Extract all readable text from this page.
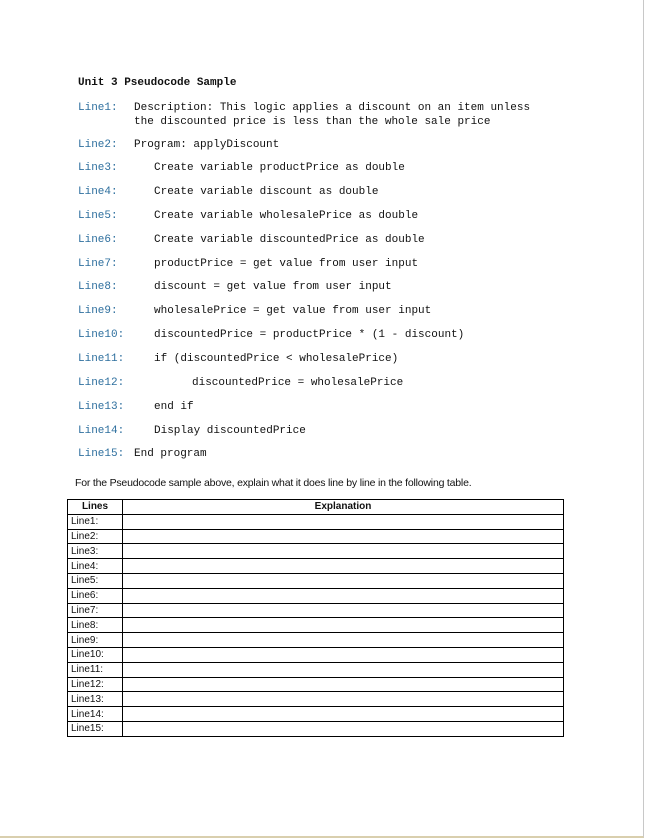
Unit 3 Pseudocode Sample
Line1: Description: This logic applies a discount on an item unless
the discounted price is less than the whole sale price
Line2: Program: applyDiscount
Line3:	Create variable productPrice as double
Line4:	Create variable discount as double
Line5:	Create variable wholesalePrice as double
Line6:	Create variable discountedPrice as double
Line7:	productPrice = get value from user input
Line8:	discount = get value from user input
Line9:	wholesalePrice = get value from user input
Line10:	discountedPrice = productPrice * (1 - discount)
Line11:	if (discountedPrice < wholesalePrice)
Line12:	discountedPrice = wholesalePrice
Line13:	end if
Line14:	Display discountedPrice
Line15: End program
For the Pseudocode sample above, explain what it does line by line in the following table.
Lines	Explanation
Line1:	
Line2:	
Line3:	
Line4:	
Line5:	
Line6:	
Line7:	
Line8:	
Line9:	
Line10:	
Line11:	
Line12:	
Line13:	
Line14:	
Line15:	
